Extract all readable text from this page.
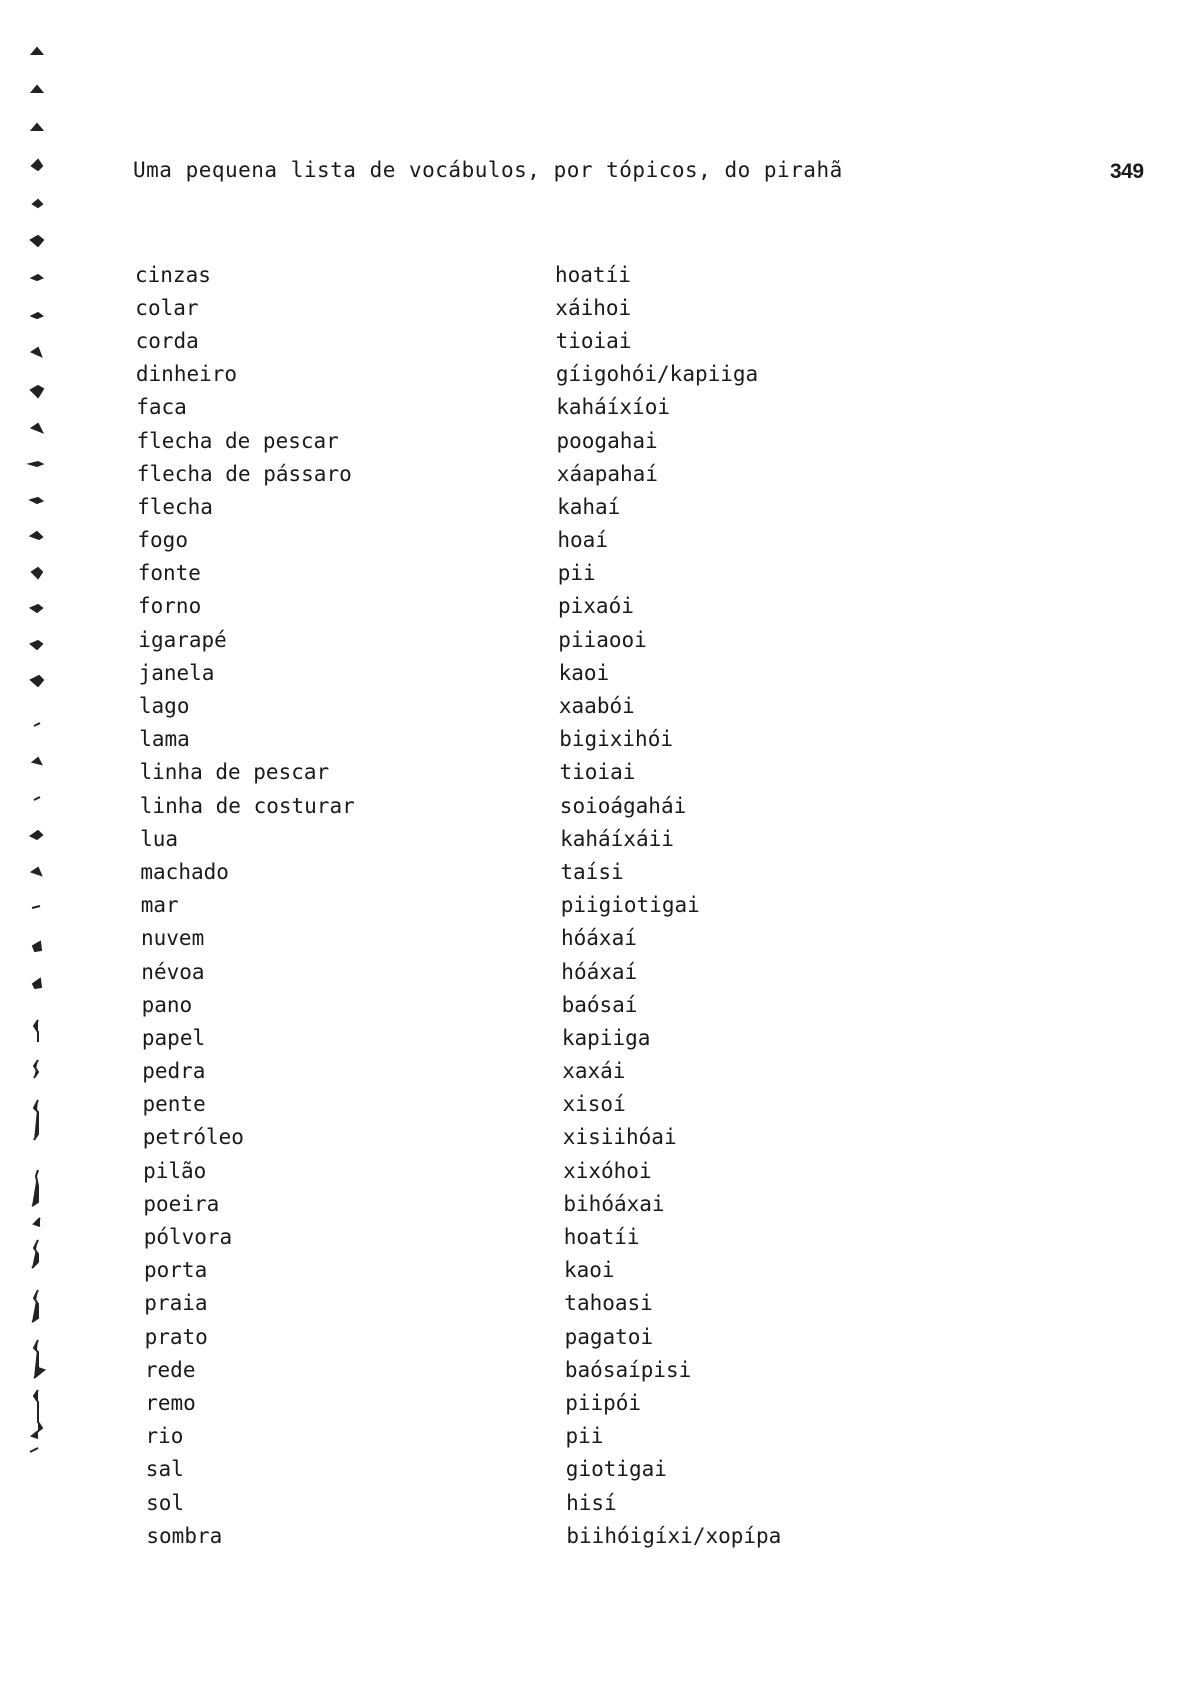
Uma pequena lista de vocábulos, por tópicos, do pirahã	349
cinzas	hoatíi
colar	xáihoi
corda	tioiai
dinheiro	gíigohói/kapiiga
faca	kaháíxíoi
flecha de pescar	poogahai
flecha de pássaro	xáapahaí
flecha	kahaí
fogo	hoaí
fonte	pii
forno	pixaói
igarapé	piiaooi
janela	kaoi
lago	xaabói
lama	bigixihói
linha de pescar	tioiai
linha de costurar	soioágahái
lua	kaháíxáii
machado	taísi
mar	piigiotigai
nuvem	hóáxaí
névoa	hóáxaí
pano	baósaí
papel	kapiiga
pedra	xaxái
pente	xisoí
petróleo	xisiihóai
pilão	xixóhoi
poeira	bihóáxai
pólvora	hoatíi
porta	kaoi
praia	tahoasi
prato	pagatoi
rede	baósaípisi
remo	piipói
rio	pii
sal	giotigai
sol	hisí
sombra	biihóigíxi/xopípa
